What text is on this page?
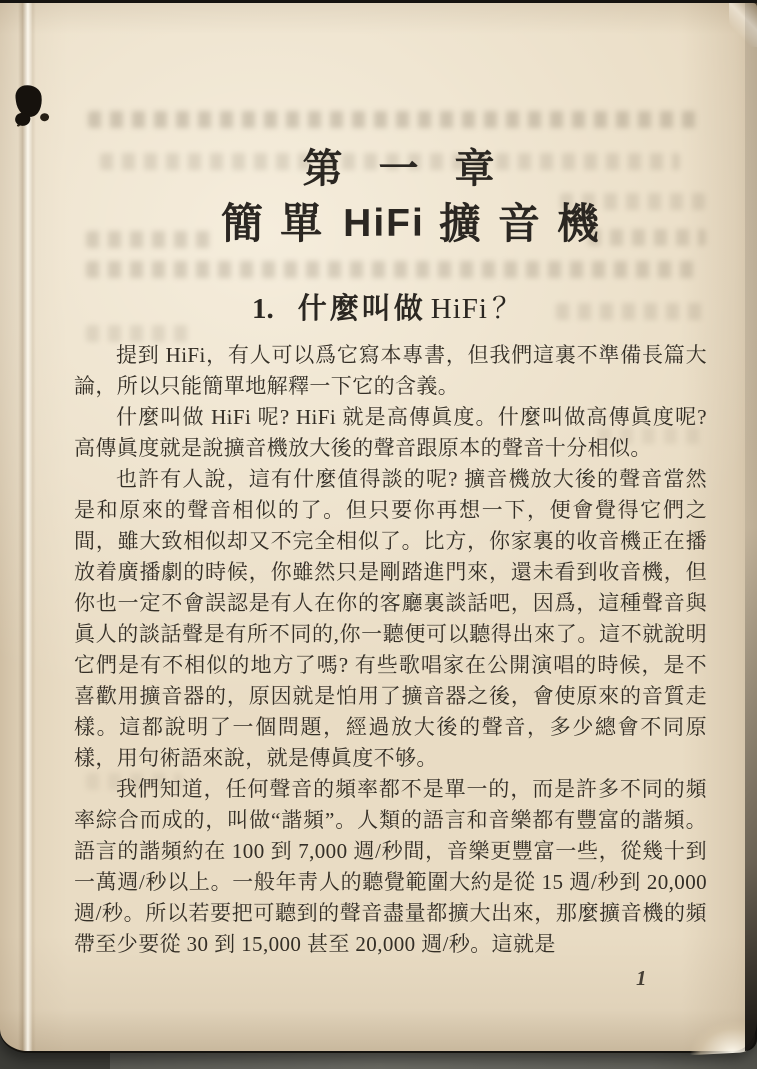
第一章
簡單 HiFi 擴音機
1. 什麼叫做 HiFi ？

提到 HiFi，有人可以爲它寫本專書，但我們這裏不準備長篇大論，所以只能簡單地解釋一下它的含義。

什麼叫做 HiFi 呢? HiFi 就是高傳眞度。什麼叫做高傳眞度呢? 高傳眞度就是說擴音機放大後的聲音跟原本的聲音十分相似。

也許有人說，這有什麼值得談的呢? 擴音機放大後的聲音當然是和原來的聲音相似的了。但只要你再想一下，便會覺得它們之間，雖大致相似却又不完全相似了。比方，你家裏的收音機正在播放着廣播劇的時候，你雖然只是剛踏進門來，還未看到收音機，但你也一定不會誤認是有人在你的客廳裏談話吧，因爲，這種聲音與眞人的談話聲是有所不同的,你一聽便可以聽得出來了。這不就說明它們是有不相似的地方了嗎? 有些歌唱家在公開演唱的時候，是不喜歡用擴音器的，原因就是怕用了擴音器之後，會使原來的音質走樣。這都說明了一個問題，經過放大後的聲音，多少總會不同原樣，用句術語來說，就是傳眞度不够。

我們知道，任何聲音的頻率都不是單一的，而是許多不同的頻率綜合而成的，叫做“諧頻”。人類的語言和音樂都有豐富的諧頻。語言的諧頻約在 100 到 7,000 週/秒間，音樂更豐富一些，從幾十到一萬週/秒以上。一般年靑人的聽覺範圍大約是從 15 週/秒到 20,000 週/秒。所以若要把可聽到的聲音盡量都擴大出來，那麼擴音機的頻帶至少要從 30 到 15,000 甚至 20,000 週/秒。這就是

1
